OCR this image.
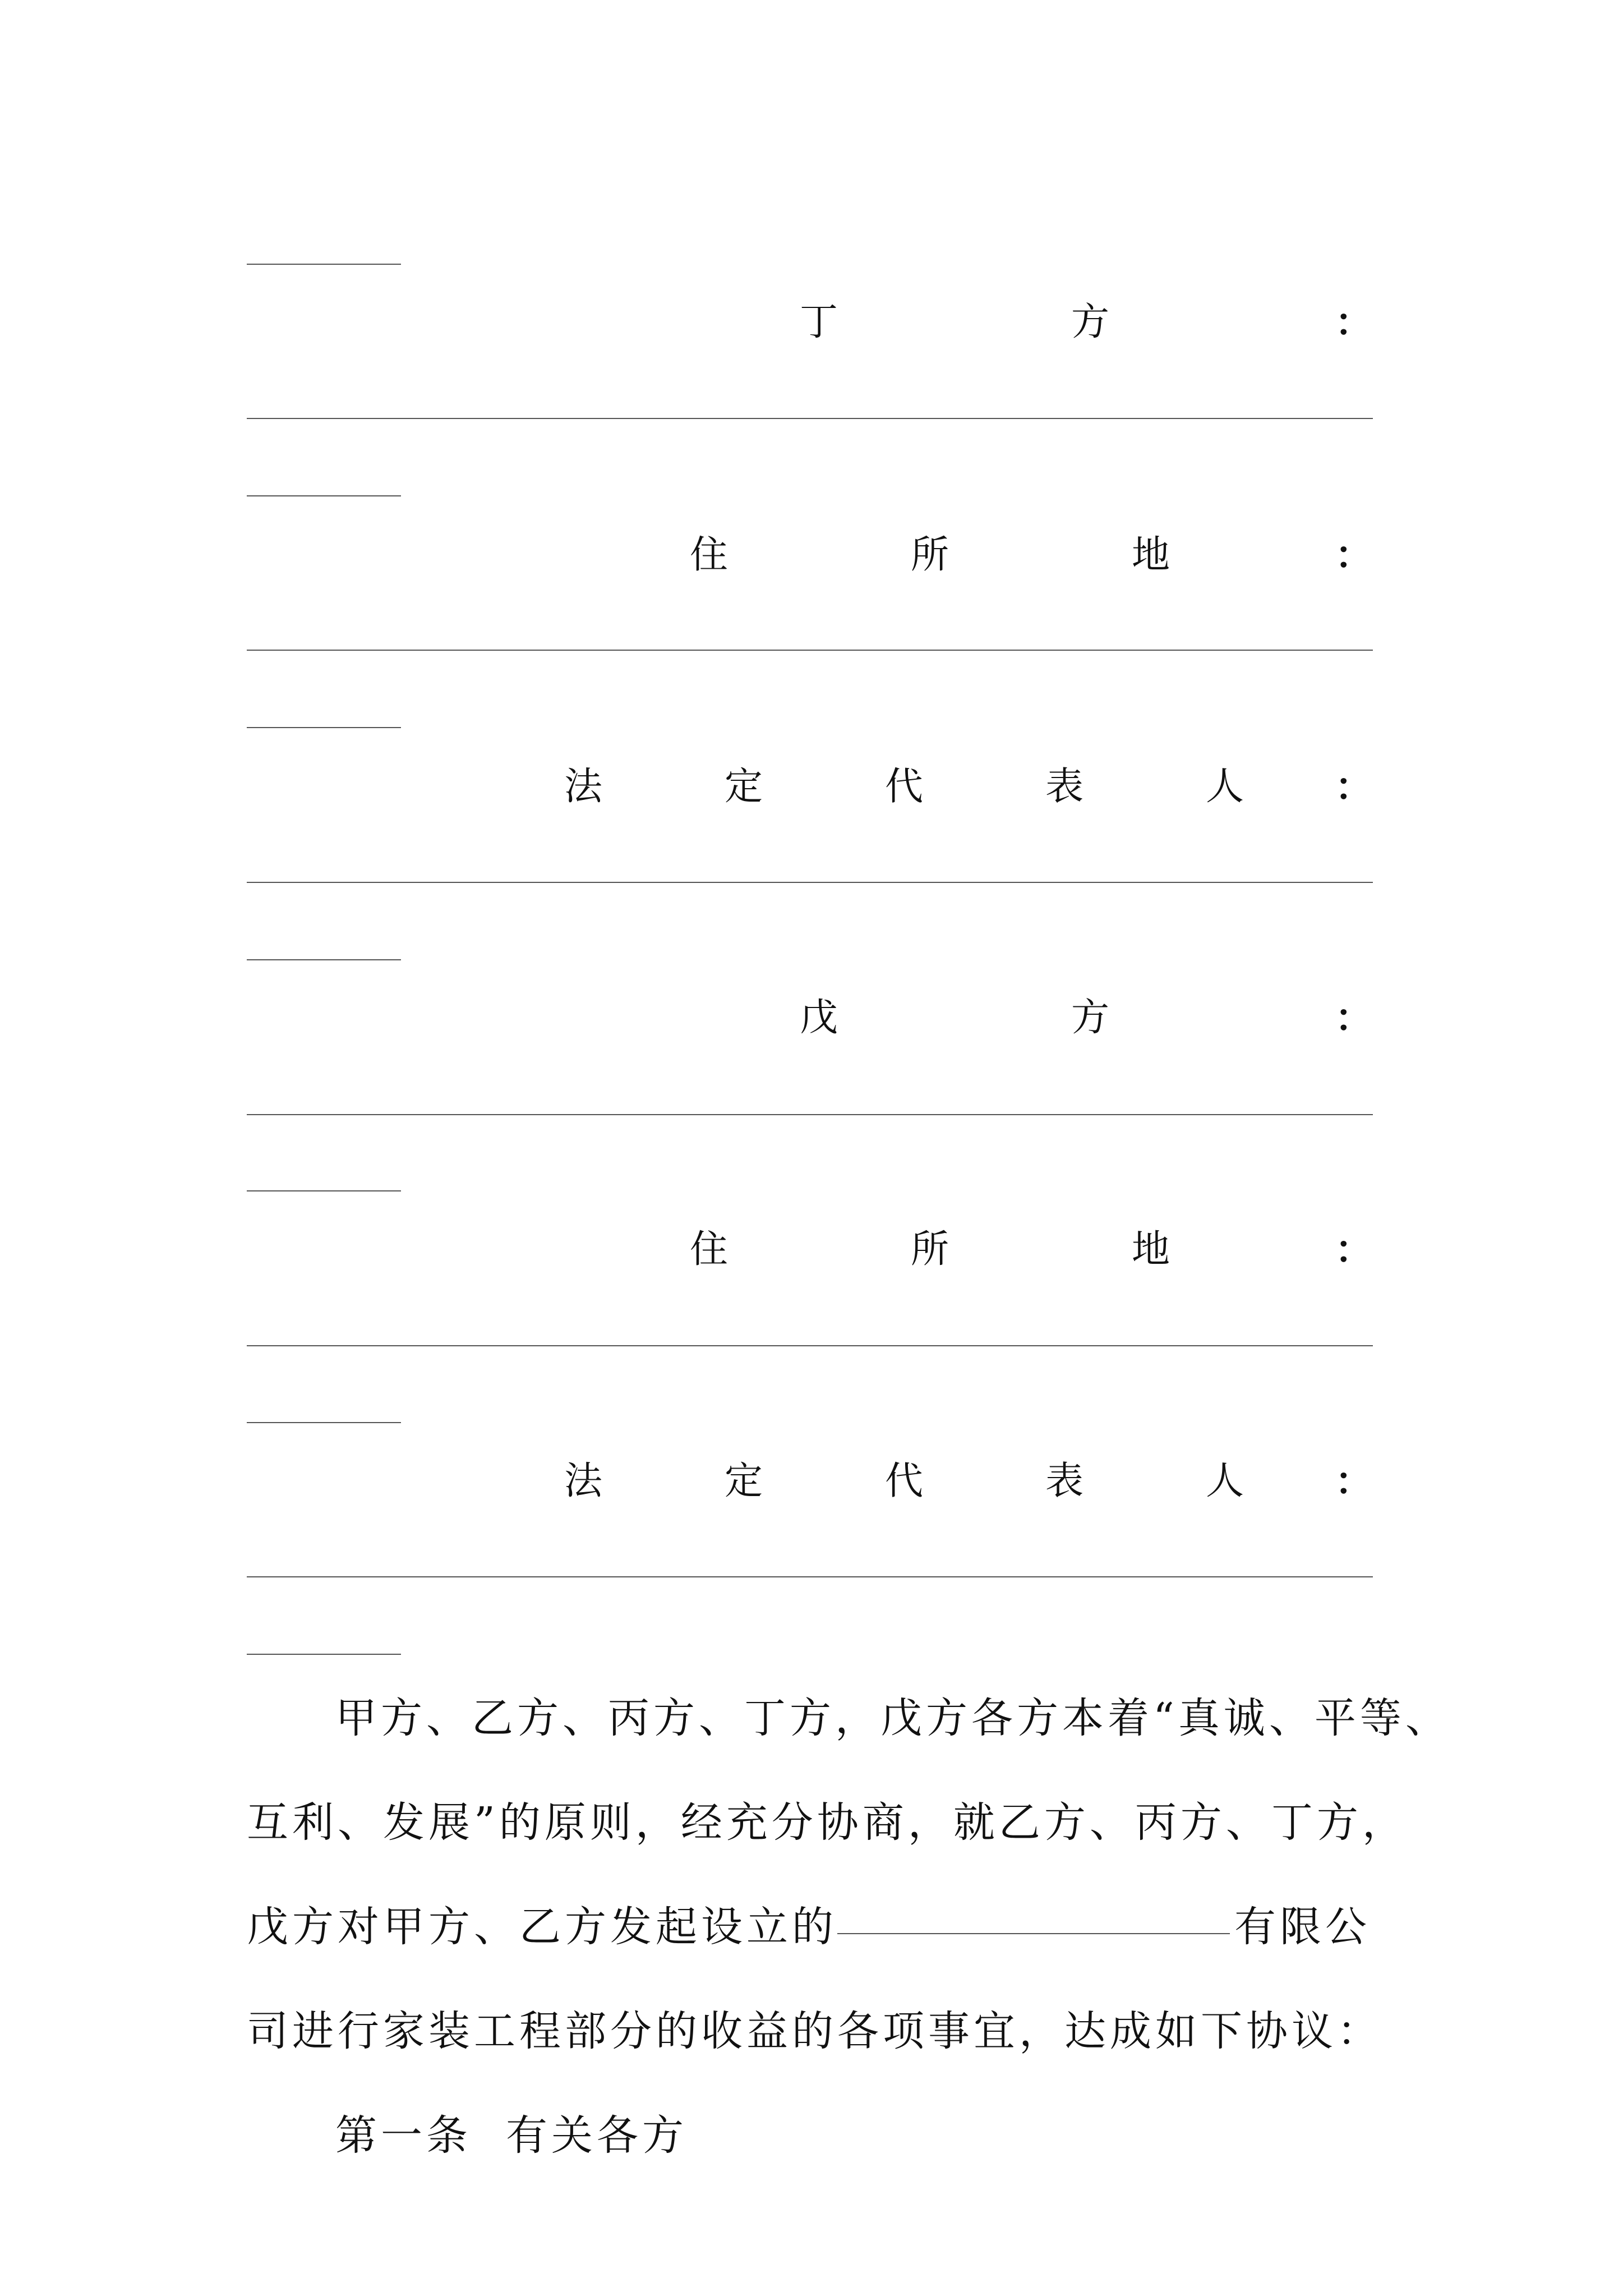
丁	方	：
住	所	地	：
法	定	代	表	人 ：
戊	方	：
住	所	地	：
法	定	代	表	人 ：
甲方、乙方、丙方、丁方，戊方各方本着“真诚、平等、
互利、发展”的原则，经充分协商，就乙方、丙方、丁方，
戊方对甲方、乙方发起设立的	有限公
司进行家装工程部分的收益的各项事宜，达成如下协议：
第一条  有关各方
